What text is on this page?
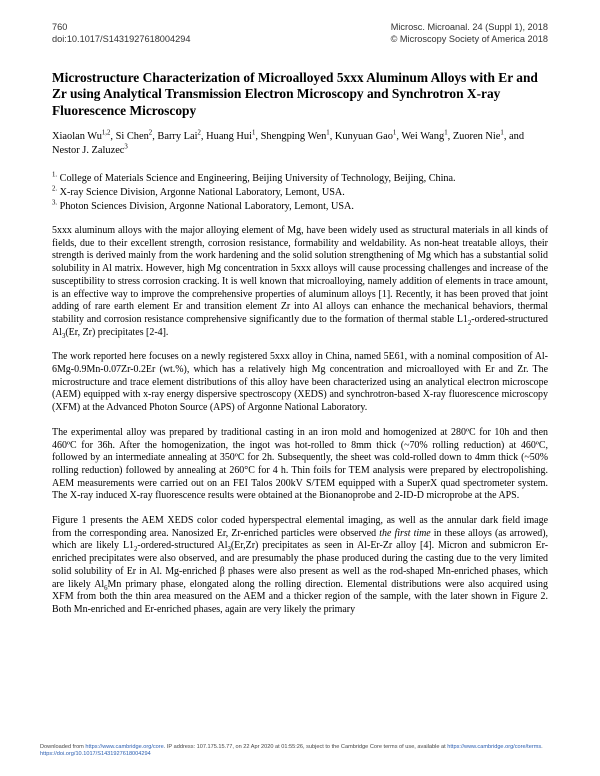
760
doi:10.1017/S1431927618004294
Microsc. Microanal. 24 (Suppl 1), 2018
© Microscopy Society of America 2018
Microstructure Characterization of Microalloyed 5xxx Aluminum Alloys with Er and Zr using Analytical Transmission Electron Microscopy and Synchrotron X-ray Fluorescence Microscopy

Xiaolan Wu$^{1,2}$, Si Chen$^2$, Barry Lai$^2$, Huang Hui$^1$, Shengping Wen$^1$, Kunyuan Gao$^1$, Wei Wang$^1$, Zuoren Nie$^1$, and Nestor J. Zaluzec$^3$

$^{1.}$ College of Materials Science and Engineering, Beijing University of Technology, Beijing, China.
$^{2.}$ X-ray Science Division, Argonne National Laboratory, Lemont, USA.
$^{3.}$ Photon Sciences Division, Argonne National Laboratory, Lemont, USA.

5xxx aluminum alloys with the major alloying element of Mg, have been widely used as structural materials in all kinds of fields, due to their excellent strength, corrosion resistance, formability and weldability. As non-heat treatable alloys, their strength is derived mainly from the work hardening and the solid solution strengthening of Mg which has a substantial solid solubility in Al matrix. However, high Mg concentration in 5xxx alloys will cause processing challenges and increase of the susceptibility to stress corrosion cracking. It is well known that microalloying, namely addition of elements in trace amount, is an effective way to improve the comprehensive properties of aluminum alloys [1]. Recently, it has been proved that joint adding of rare earth element Er and transition element Zr into Al alloys can enhance the mechanical behaviors, thermal stability and corrosion resistance comprehensive significantly due to the formation of thermal stable $L1_2-ordered$-structured $Al_3(Er$, Zr) precipitates [2-4].

The work reported here focuses on a newly registered 5xxx alloy in China, named 5E61, with a nominal composition of Al-6Mg-0.9Mn-0.07Zr-0.2Er (wt.%), which has a relatively high Mg concentration and microalloyed with Er and Zr. The microstructure and trace element distributions of this alloy have been characterized using an analytical electron microscope (AEM) equipped with x-ray energy dispersive spectroscopy (XEDS) and synchrotron-based X-ray fluorescence microscopy (XFM) at the Advanced Photon Source (APS) of Argonne National Laboratory.

The experimental alloy was prepared by traditional casting in an iron mold and homogenized at 280ºC for 10h and then 460ºC for 36h. After the homogenization, the ingot was hot-rolled to 8mm thick (~70% rolling reduction) at 460ºC, followed by an intermediate annealing at 350ºC for 2h. Subsequently, the sheet was cold-rolled down to 4mm thick (~50% rolling reduction) followed by annealing at 260°C for 4 h. Thin foils for TEM analysis were prepared by electropolishing. AEM measurements were carried out on an FEI Talos 200kV S/TEM equipped with a SuperX quad spectrometer system. The X-ray induced X-ray fluorescence results were obtained at the Bionanoprobe and 2-ID-D microprobe at the APS.

Figure 1 presents the AEM XEDS color coded hyperspectral elemental imaging, as well as the annular dark field image from the corresponding area. Nanosized Er, Zr-enriched particles were observed the first time in these alloys (as arrowed), which are likely $L1_2-ordered$-structured $Al_3(Er,Zr)$ precipitates as seen in Al-Er-Zr alloy [4]. Micron and submicron Er-enriched precipitates were also observed, and are presumably the phase produced during the casting due to the very limited solid solubility of Er in Al. Mg-enriched β phases were also present as well as the rod-shaped Mn-enriched phases, which are likely $Al_6Mn$ primary phase, elongated along the rolling direction. Elemental distributions were also acquired using XFM from both the thin area measured on the AEM and a thicker region of the sample, with the later shown in Figure 2. Both Mn-enriched and Er-enriched phases, again are very likely the primary

Downloaded from https://www.cambridge.org/core. IP address: 107.175.15.77, on 22 Apr 2020 at 01:55:26, subject to the Cambridge Core terms of use, available at https://www.cambridge.org/core/terms.
https://doi.org/10.1017/S1431927618004294
